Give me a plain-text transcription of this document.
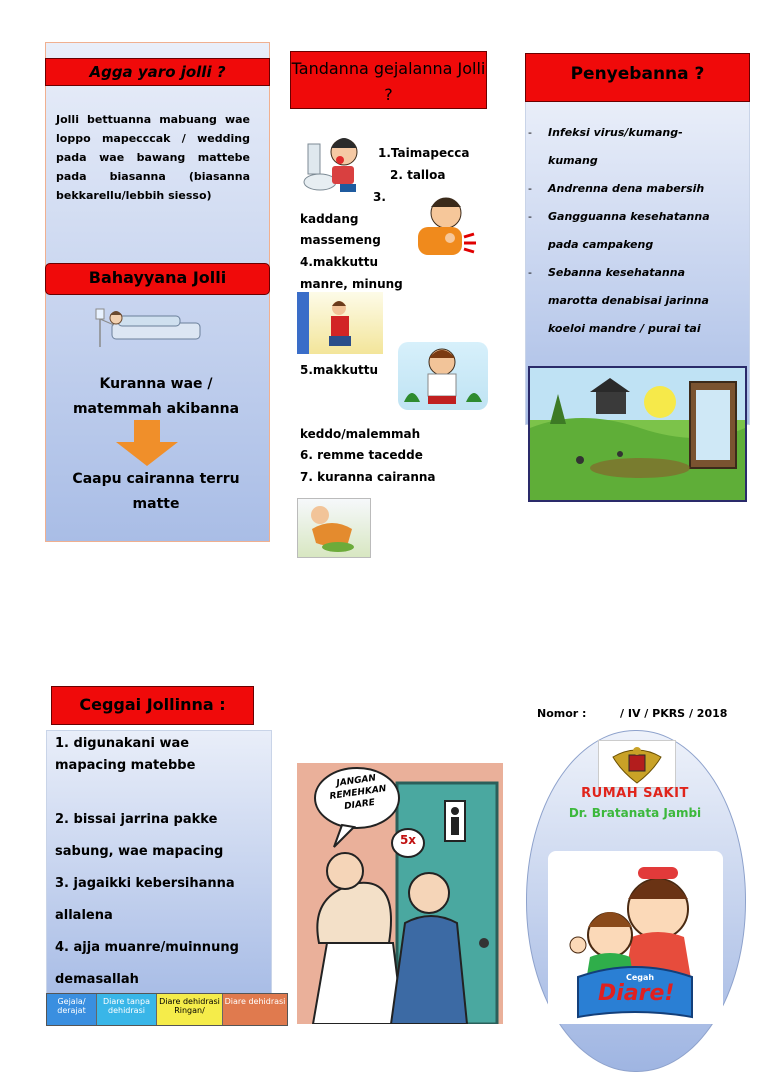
Agga yaro jolli ?
Jolli bettuanna mabuang wae loppo mapecccak / wedding pada wae bawang mattebe pada biasanna (biasanna bekkarellu/lebbih siesso)
Bahayyana Jolli
Kuranna wae / matemmah akibanna
Caapu cairanna terru matte
Tandanna gejalanna Jolli ?
1.Taimapecca
2. talloa
3.
kaddang
massemeng
4.makkuttu
manre, minung
5.makkuttu
keddo/malemmah
6. remme tacedde
7. kuranna cairanna
Penyebanna ?
- Infeksi virus/kumang-
kumang
- Andrenna dena mabersih
- Gangguanna kesehatanna
pada campakeng
- Sebanna kesehatanna
marotta denabisai jarinna
koeloi mandre / purai tai
Ceggai Jollinna :
1. digunakani wae
mapacing matebbe
2. bissai jarrina pakke
sabung, wae mapacing
3. jagaikki kebersihanna
allalena
4. ajja muanre/muinnung
demasallah
Gejala/ derajat
Diare tanpa dehidrasi
Diare dehidrasi Ringan/
Diare dehidrasi
JANGAN REMEHKAN DIARE
5x
Nomor :	/ IV / PKRS / 2018
RUMAH SAKIT
Dr. Bratanata Jambi
Cegah
Diare!
